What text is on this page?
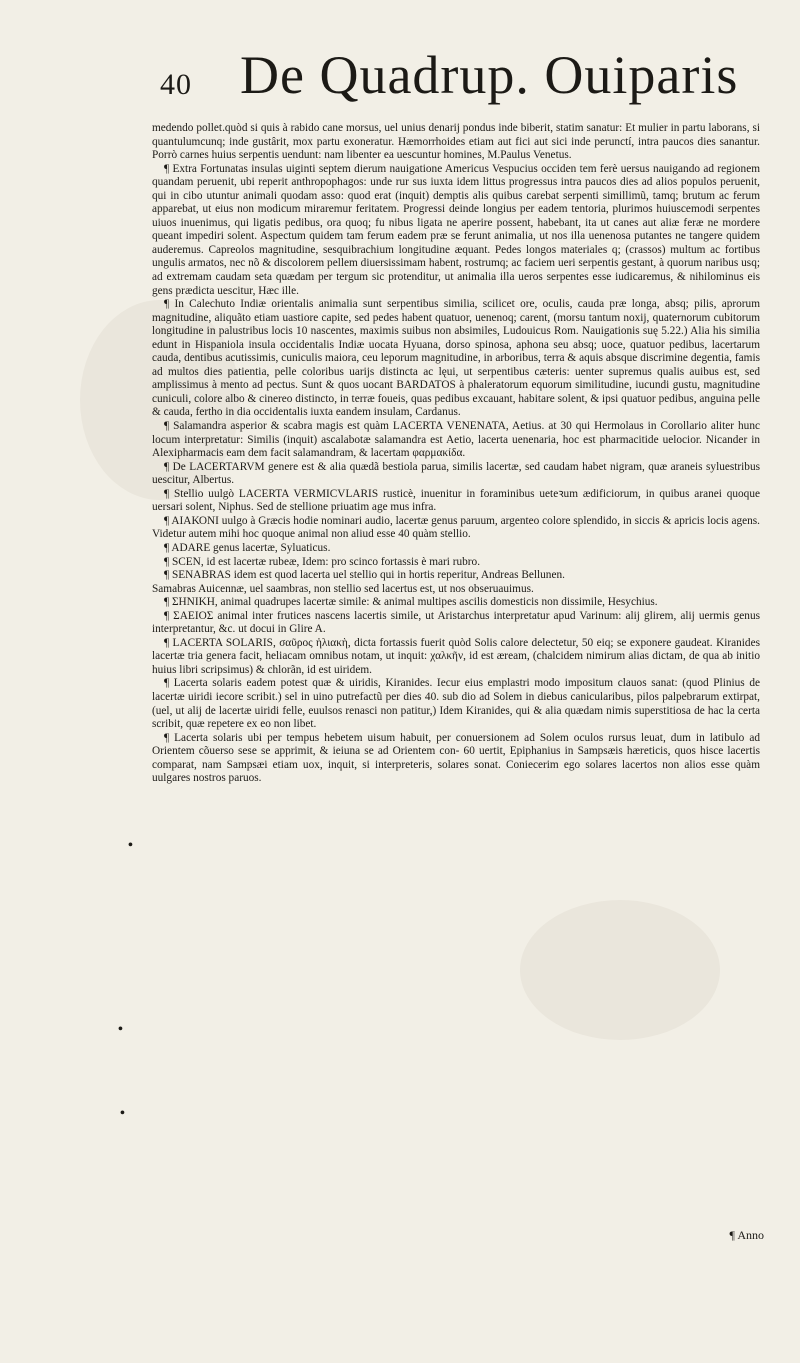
40 De Quadrup. Ouiparis

medendo pollet.quòd si quis à rabido cane morsus, uel unius denarij pondus inde biberit, statim sanatur: Et mulier in partu laborans, si quantulumcunq; inde gustârit, mox partu exoneratur. Hæmorrhoides etiam aut fici aut sici inde perunctí, intra paucos dies sanantur. Porrò carnes huius serpentis uendunt: nam libenter ea uescuntur homines, M.Paulus Venetus.

¶ Extra Fortunatas insulas uiginti septem dierum nauigatione Americus Vespucius occiden tem ferè uersus nauigando ad regionem quandam peruenit, ubi reperit anthropophagos: unde rur sus iuxta idem littus progressus intra paucos dies ad alios populos peruenit, qui in cibo utuntur animali quodam asso: quod erat (inquit) demptis alis quibus carebat serpenti simillimũ, tamq; brutum ac ferum apparebat, ut eius non modicum miraremur feritatem. Progressi deinde longius per eadem tentoria, plurimos huiuscemodi serpentes uiuos inuenimus, qui ligatis pedibus, ora quoq; fu nibus ligata ne aperire possent, habebant, ita ut canes aut aliæ feræ ne mordere queant impediri solent. Aspectum quidem tam ferum eadem præ se ferunt animalia, ut nos illa uenenosa putantes ne tangere quidem auderemus. Capreolos magnitudine, sesquibrachium longitudine æquant. Pedes longos materiales q; (crassos) multum ac fortibus ungulis armatos, nec nõ & discolorem pellem diuersissimam habent, rostrumq; ac faciem ueri serpentis gestant, à quorum naribus usq; ad extremam caudam seta quædam per tergum sic protenditur, ut animalia illa ueros serpentes esse iudicaremus, & nihilominus eis gens prædicta uescitur, Hæc ille.

¶ In Calechuto Indiæ orientalis animalia sunt serpentibus similia, scilicet ore, oculis, cauda præ longa, absq; pilis, aprorum magnitudine, aliquãto etiam uastiore capite, sed pedes habent quatuor, uenenoq; carent, (morsu tantum noxij, quaternorum cubitorum longitudine in palustribus locis 10 nascentes, maximis suibus non absimiles, Ludouicus Rom. Nauigationis suę 5.22.) Alia his similia edunt in Hispaniola insula occidentalis Indiæ uocata Hyuana, dorso spinosa, aphona seu absq; uoce, quatuor pedibus, lacertarum cauda, dentibus acutissimis, cuniculis maiora, ceu leporum magnitudine, in arboribus, terra & aquis absque discrimine degentia, famis ad multos dies patientia, pelle coloribus uarijs distincta ac lęui, ut serpentibus cæteris: uenter supremus qualis auibus est, sed amplissimus à mento ad pectus. Sunt & quos uocant BARDATOS à phaleratorum equorum similitudine, iucundi gustu, magnitudine cuniculi, colore albo & cinereo distincto, in terræ foueis, quas pedibus excauant, habitare solent, & ipsi quatuor pedibus, anguina pelle & cauda, fertho in dia occidentalis iuxta eandem insulam, Cardanus.

¶ Salamandra asperior & scabra magis est quàm LACERTA VENENATA, Aetius. at 30 qui Hermolaus in Corollario aliter hunc locum interpretatur: Similis (inquit) ascalabotæ salamandra est Aetio, lacerta uenenaria, hoc est pharmacitide uelocior. Nicander in Alexipharmacis eam dem facit salamandram, & lacertam φαρμακίδα.

¶ De LACERTARVM genere est & alia quædã bestiola parua, similis lacertæ, sed caudam habet nigram, quæ araneis syluestribus uescitur, Albertus.

¶ Stellio uulgò LACERTA VERMICVLARIS rusticè, inuenitur in foraminibus ueteꝛum ædificiorum, in quibus aranei quoque uersari solent, Niphus. Sed de stellione priuatim age mus infra.

¶ ΑΙΑΚΟΝΙ uulgo à Græcis hodie nominari audio, lacertæ genus paruum, argenteo colore splendido, in siccis & apricis locis agens. Videtur autem mihi hoc quoque animal non aliud esse 40 quàm stellio.

¶ ADARE genus lacertæ, Syluaticus.

¶ SCEN, id est lacertæ rubeæ, Idem: pro scinco fortassis è mari rubro.

¶ SENABRAS idem est quod lacerta uel stellio qui in hortis reperitur, Andreas Bellunen.

Samabras Auicennæ, uel saambras, non stellio sed lacertus est, ut nos obseruauimus.

¶ ΣΗΝΙΚΗ, animal quadrupes lacertæ simile: & animal multipes ascilis domesticis non dissimile, Hesychius.

¶ ΣΑΕΙΟΣ animal inter frutices nascens lacertis simile, ut Aristarchus interpretatur apud Varinum: alij glirem, alij uermis genus interpretantur, &c. ut docui in Glire A.

¶ LACERTA SOLARIS, σαῦρος ἡλιακὴ, dicta fortassis fuerit quòd Solis calore delectetur, 50 eiq; se exponere gaudeat. Kiranides lacertæ tria genera facit, heliacam omnibus notam, ut inquit: χαλκῆν, id est æream, (chalcidem nimirum alias dictam, de qua ab initio huius libri scripsimus) & chlorãn, id est uiridem.

¶ Lacerta solaris eadem potest quæ & uiridis, Kiranides. Iecur eius emplastri modo impositum clauos sanat: (quod Plinius de lacertæ uiridi iecore scribit.) sel in uino putrefactũ per dies 40. sub dio ad Solem in diebus canicularibus, pilos palpebrarum extirpat, (uel, ut alij de lacertæ uiridi felle, euulsos renasci non patitur,) Idem Kiranides, qui & alia quædam nimis superstitiosa de hac la certa scribit, quæ repetere ex eo non libet.

¶ Lacerta solaris ubi per tempus hebetem uisum habuit, per conuersionem ad Solem oculos rursus leuat, dum in latibulo ad Orientem cõuerso sese se apprimit, & ieiuna se ad Orientem con- 60 uertit, Epiphanius in Sampsæis hæreticis, quos hisce lacertis comparat, nam Sampsæi etiam uox, inquit, si interpreteris, solares sonat. Coniecerim ego solares lacertos non alios esse quàm uulgares nostros paruos.

•
•
•
¶ Anno
